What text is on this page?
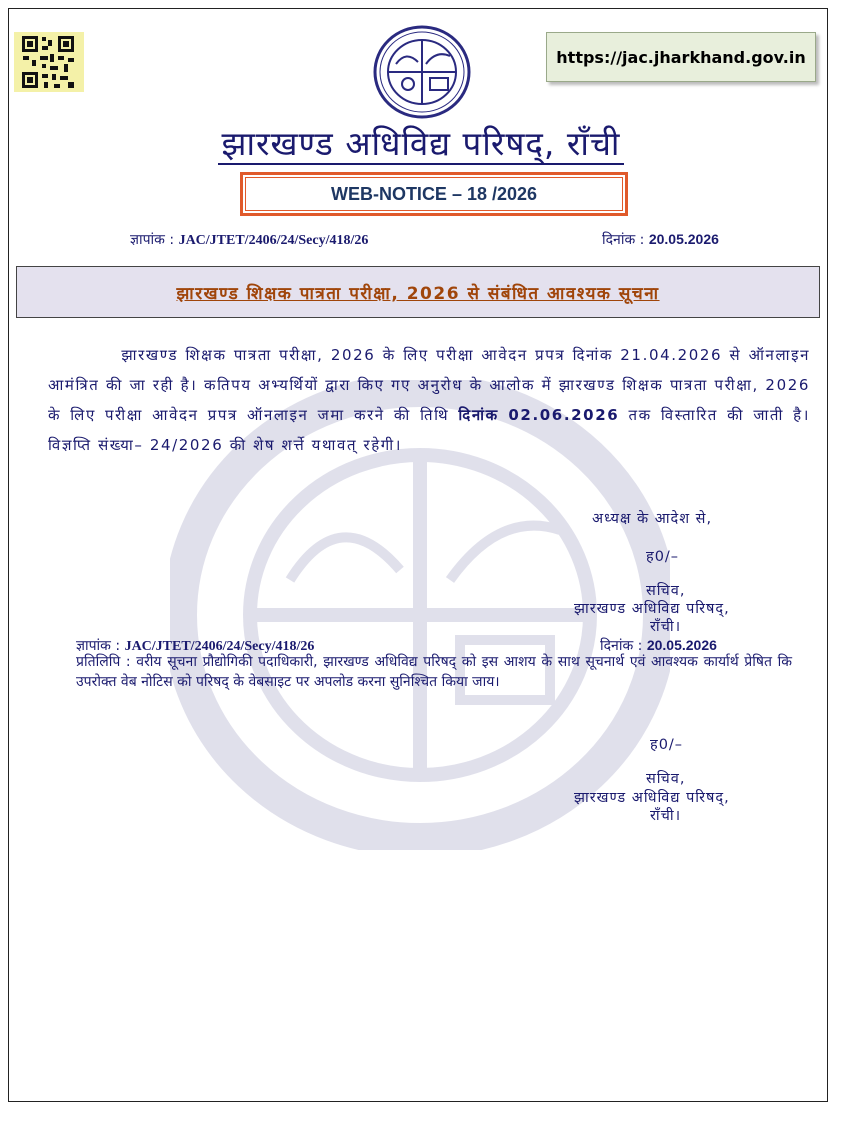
https://jac.jharkhand.gov.in
झारखण्ड अधिविद्य परिषद्, राँची
WEB-NOTICE – 18 /2026
ज्ञापांक : JAC/JTET/2406/24/Secy/418/26	दिनांक : 20.05.2026
झारखण्ड शिक्षक पात्रता परीक्षा, 2026 से संबंधित आवश्यक सूचना
झारखण्ड शिक्षक पात्रता परीक्षा, 2026 के लिए परीक्षा आवेदन प्रपत्र दिनांक 21.04.2026 से ऑनलाइन आमंत्रित की जा रही है। कतिपय अभ्यर्थियों द्वारा किए गए अनुरोध के आलोक में झारखण्ड शिक्षक पात्रता परीक्षा, 2026 के लिए परीक्षा आवेदन प्रपत्र ऑनलाइन जमा करने की तिथि दिनांक 02.06.2026 तक विस्तारित की जाती है। विज्ञप्ति संख्या– 24/2026 की शेष शर्त्ते यथावत् रहेगी।
अध्यक्ष के आदेश से,
ह0/–
सचिव,
झारखण्ड अधिविद्य परिषद्,
राँची।
ज्ञापांक : JAC/JTET/2406/24/Secy/418/26	दिनांक : 20.05.2026
प्रतिलिपि : वरीय सूचना प्रौद्योगिकी पदाधिकारी, झारखण्ड अधिविद्य परिषद् को इस आशय के साथ सूचनार्थ एवं आवश्यक कार्यार्थ प्रेषित कि उपरोक्त वेब नोटिस को परिषद् के वेबसाइट पर अपलोड करना सुनिश्चित किया जाय।
ह0/–
सचिव,
झारखण्ड अधिविद्य परिषद्,
राँची।
